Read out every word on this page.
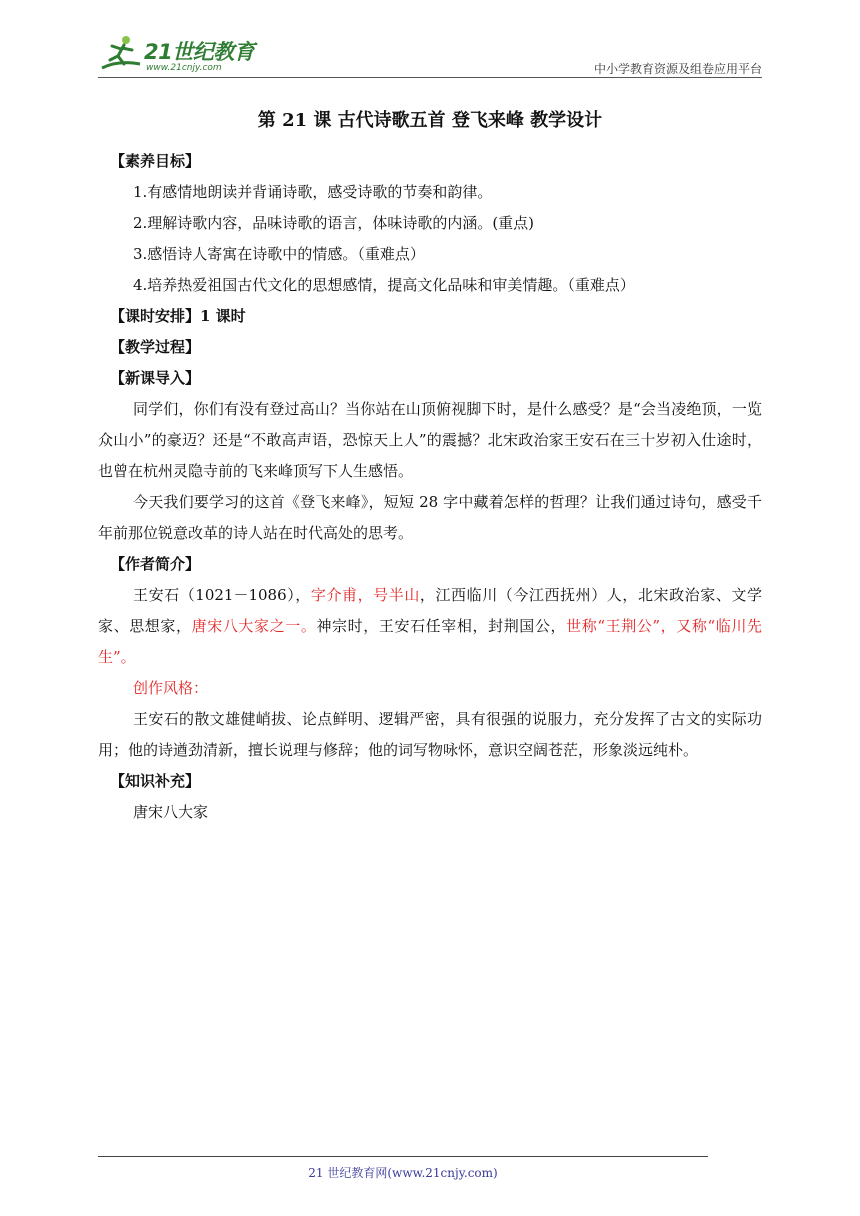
21世纪教育
www.21cnjy.com	中小学教育资源及组卷应用平台

第 21 课 古代诗歌五首 登飞来峰 教学设计

【素养目标】

1.有感情地朗读并背诵诗歌，感受诗歌的节奏和韵律。

2.理解诗歌内容，品味诗歌的语言，体味诗歌的内涵。(重点)

3.感悟诗人寄寓在诗歌中的情感。（重难点）

4.培养热爱祖国古代文化的思想感情，提高文化品味和审美情趣。（重难点）

【课时安排】1 课时

【教学过程】

【新课导入】

同学们，你们有没有登过高山？当你站在山顶俯视脚下时，是什么感受？是“会当凌绝顶，一览众山小”的豪迈？还是“不敢高声语，恐惊天上人”的震撼？北宋政治家王安石在三十岁初入仕途时，也曾在杭州灵隐寺前的飞来峰顶写下人生感悟。

今天我们要学习的这首《登飞来峰》，短短 28 字中藏着怎样的哲理？让我们通过诗句，感受千年前那位锐意改革的诗人站在时代高处的思考。

【作者简介】

王安石（1021－1086），字介甫，号半山，江西临川（今江西抚州）人，北宋政治家、文学家、思想家，唐宋八大家之一。神宗时，王安石任宰相，封荆国公，世称“王荆公”，又称“临川先生”。

创作风格：

王安石的散文雄健峭拔、论点鲜明、逻辑严密，具有很强的说服力，充分发挥了古文的实际功用；他的诗遒劲清新，擅长说理与修辞；他的词写物咏怀，意识空阔苍茫，形象淡远纯朴。

【知识补充】

唐宋八大家

21 世纪教育网(www.21cnjy.com)
